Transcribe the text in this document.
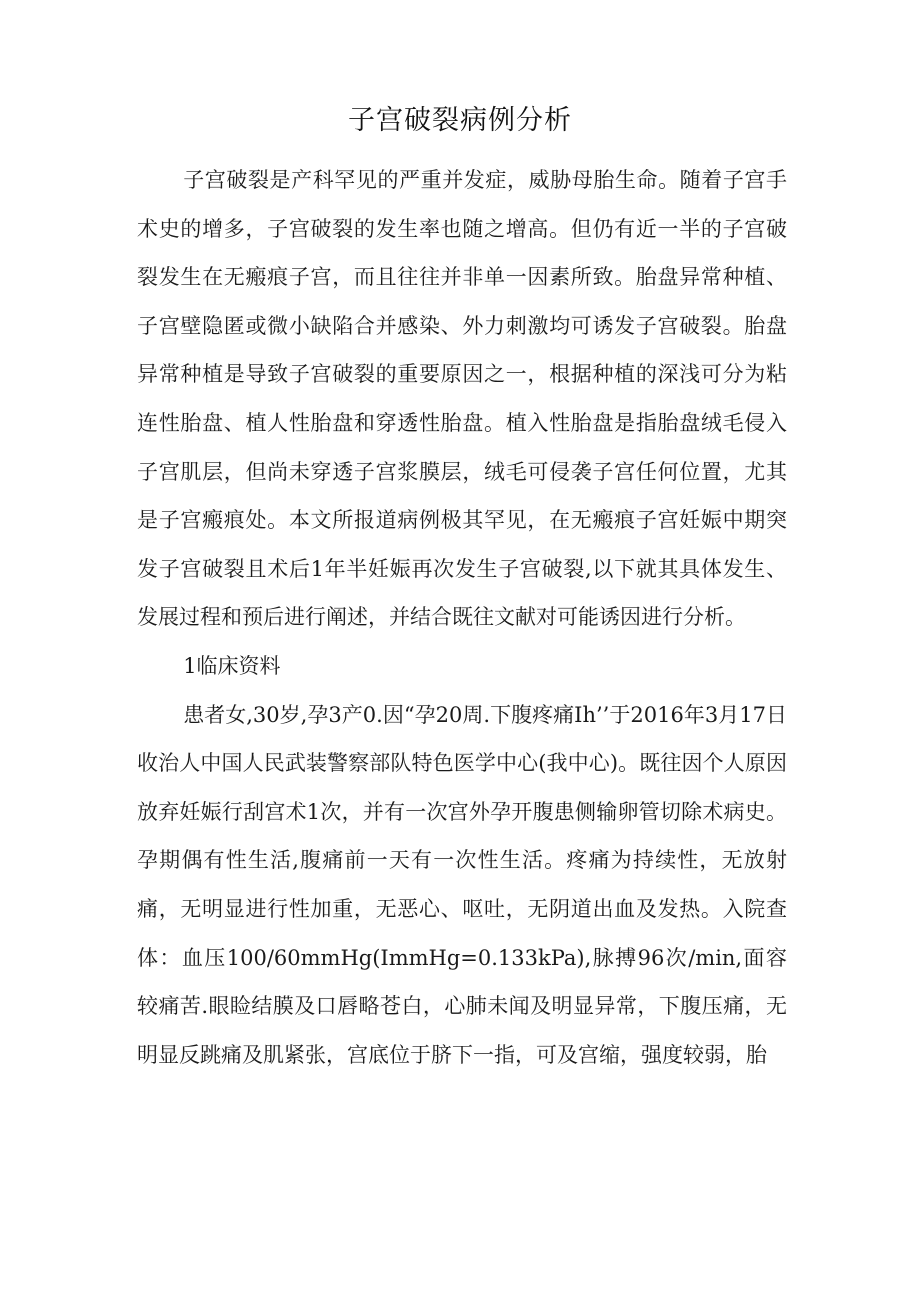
子宫破裂病例分析

子宫破裂是产科罕见的严重并发症，威胁母胎生命。随着子宫手术史的增多，子宫破裂的发生率也随之增高。但仍有近一半的子宫破裂发生在无瘢痕子宫，而且往往并非单一因素所致。胎盘异常种植、子宫壁隐匿或微小缺陷合并感染、外力刺激均可诱发子宫破裂。胎盘异常种植是导致子宫破裂的重要原因之一，根据种植的深浅可分为粘连性胎盘、植人性胎盘和穿透性胎盘。植入性胎盘是指胎盘绒毛侵入子宫肌层，但尚未穿透子宫浆膜层，绒毛可侵袭子宫任何位置，尤其是子宫瘢痕处。本文所报道病例极其罕见，在无瘢痕子宫妊娠中期突发子宫破裂且术后1年半妊娠再次发生子宫破裂,以下就其具体发生、发展过程和预后进行阐述，并结合既往文献对可能诱因进行分析。

1临床资料

患者女,30岁,孕3产0.因“孕20周.下腹疼痛Ih’’于2016年3月17日收治人中国人民武装警察部队特色医学中心(我中心)。既往因个人原因放弃妊娠行刮宫术1次，并有一次宫外孕开腹患侧输卵管切除术病史。孕期偶有性生活,腹痛前一天有一次性生活。疼痛为持续性，无放射痛，无明显进行性加重，无恶心、呕吐，无阴道出血及发热。入院查体：血压100/60mmHg(ImmHg=0.133kPa),脉搏96次/min,面容较痛苦.眼睑结膜及口唇略苍白，心肺未闻及明显异常，下腹压痛，无明显反跳痛及肌紧张，宫底位于脐下一指，可及宫缩，强度较弱，胎
